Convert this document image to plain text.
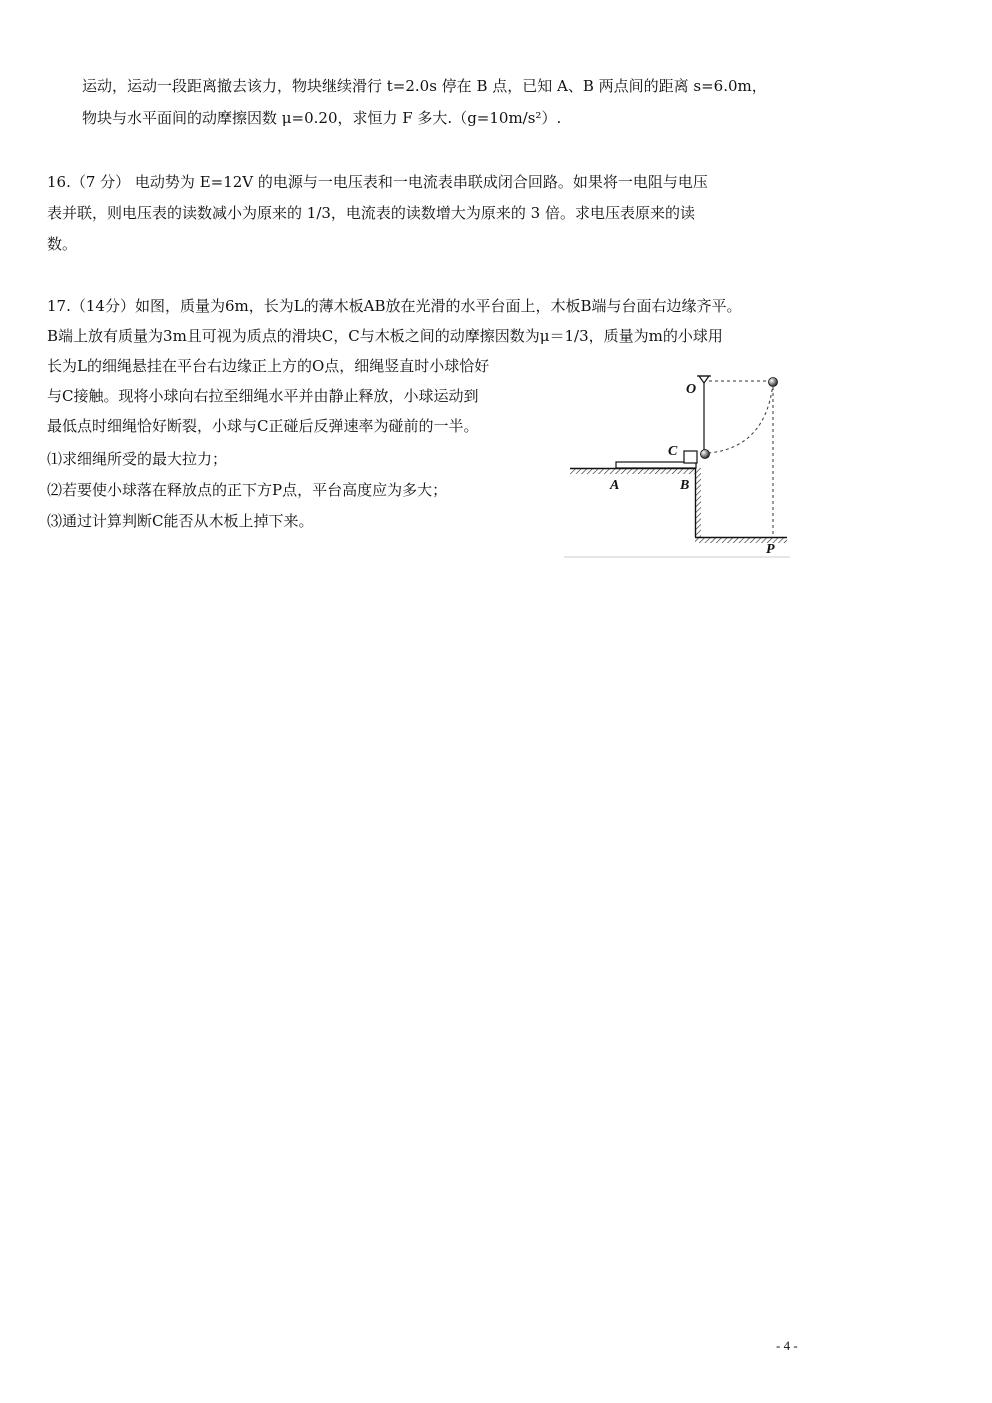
运动，运动一段距离撤去该力，物块继续滑行 t=2.0s 停在 B 点，已知 A、B 两点间的距离 s=6.0m，
物块与水平面间的动摩擦因数 μ=0.20，求恒力 F 多大.（g=10m/s²）.
16.（7 分） 电动势为 E=12V 的电源与一电压表和一电流表串联成闭合回路。如果将一电阻与电压
表并联，则电压表的读数减小为原来的 1/3，电流表的读数增大为原来的 3 倍。求电压表原来的读
数。
17.（14分）如图，质量为6m，长为L的薄木板AB放在光滑的水平台面上，木板B端与台面右边缘齐平。
B端上放有质量为3m且可视为质点的滑块C，C与木板之间的动摩擦因数为μ＝1/3，质量为m的小球用
长为L的细绳悬挂在平台右边缘正上方的O点，细绳竖直时小球恰好
与C接触。现将小球向右拉至细绳水平并由静止释放，小球运动到
最低点时细绳恰好断裂，小球与C正碰后反弹速率为碰前的一半。
⑴求细绳所受的最大拉力；
⑵若要使小球落在释放点的正下方P点，平台高度应为多大；
⑶通过计算判断C能否从木板上掉下来。
O
C
A	B
P
- 4 -
